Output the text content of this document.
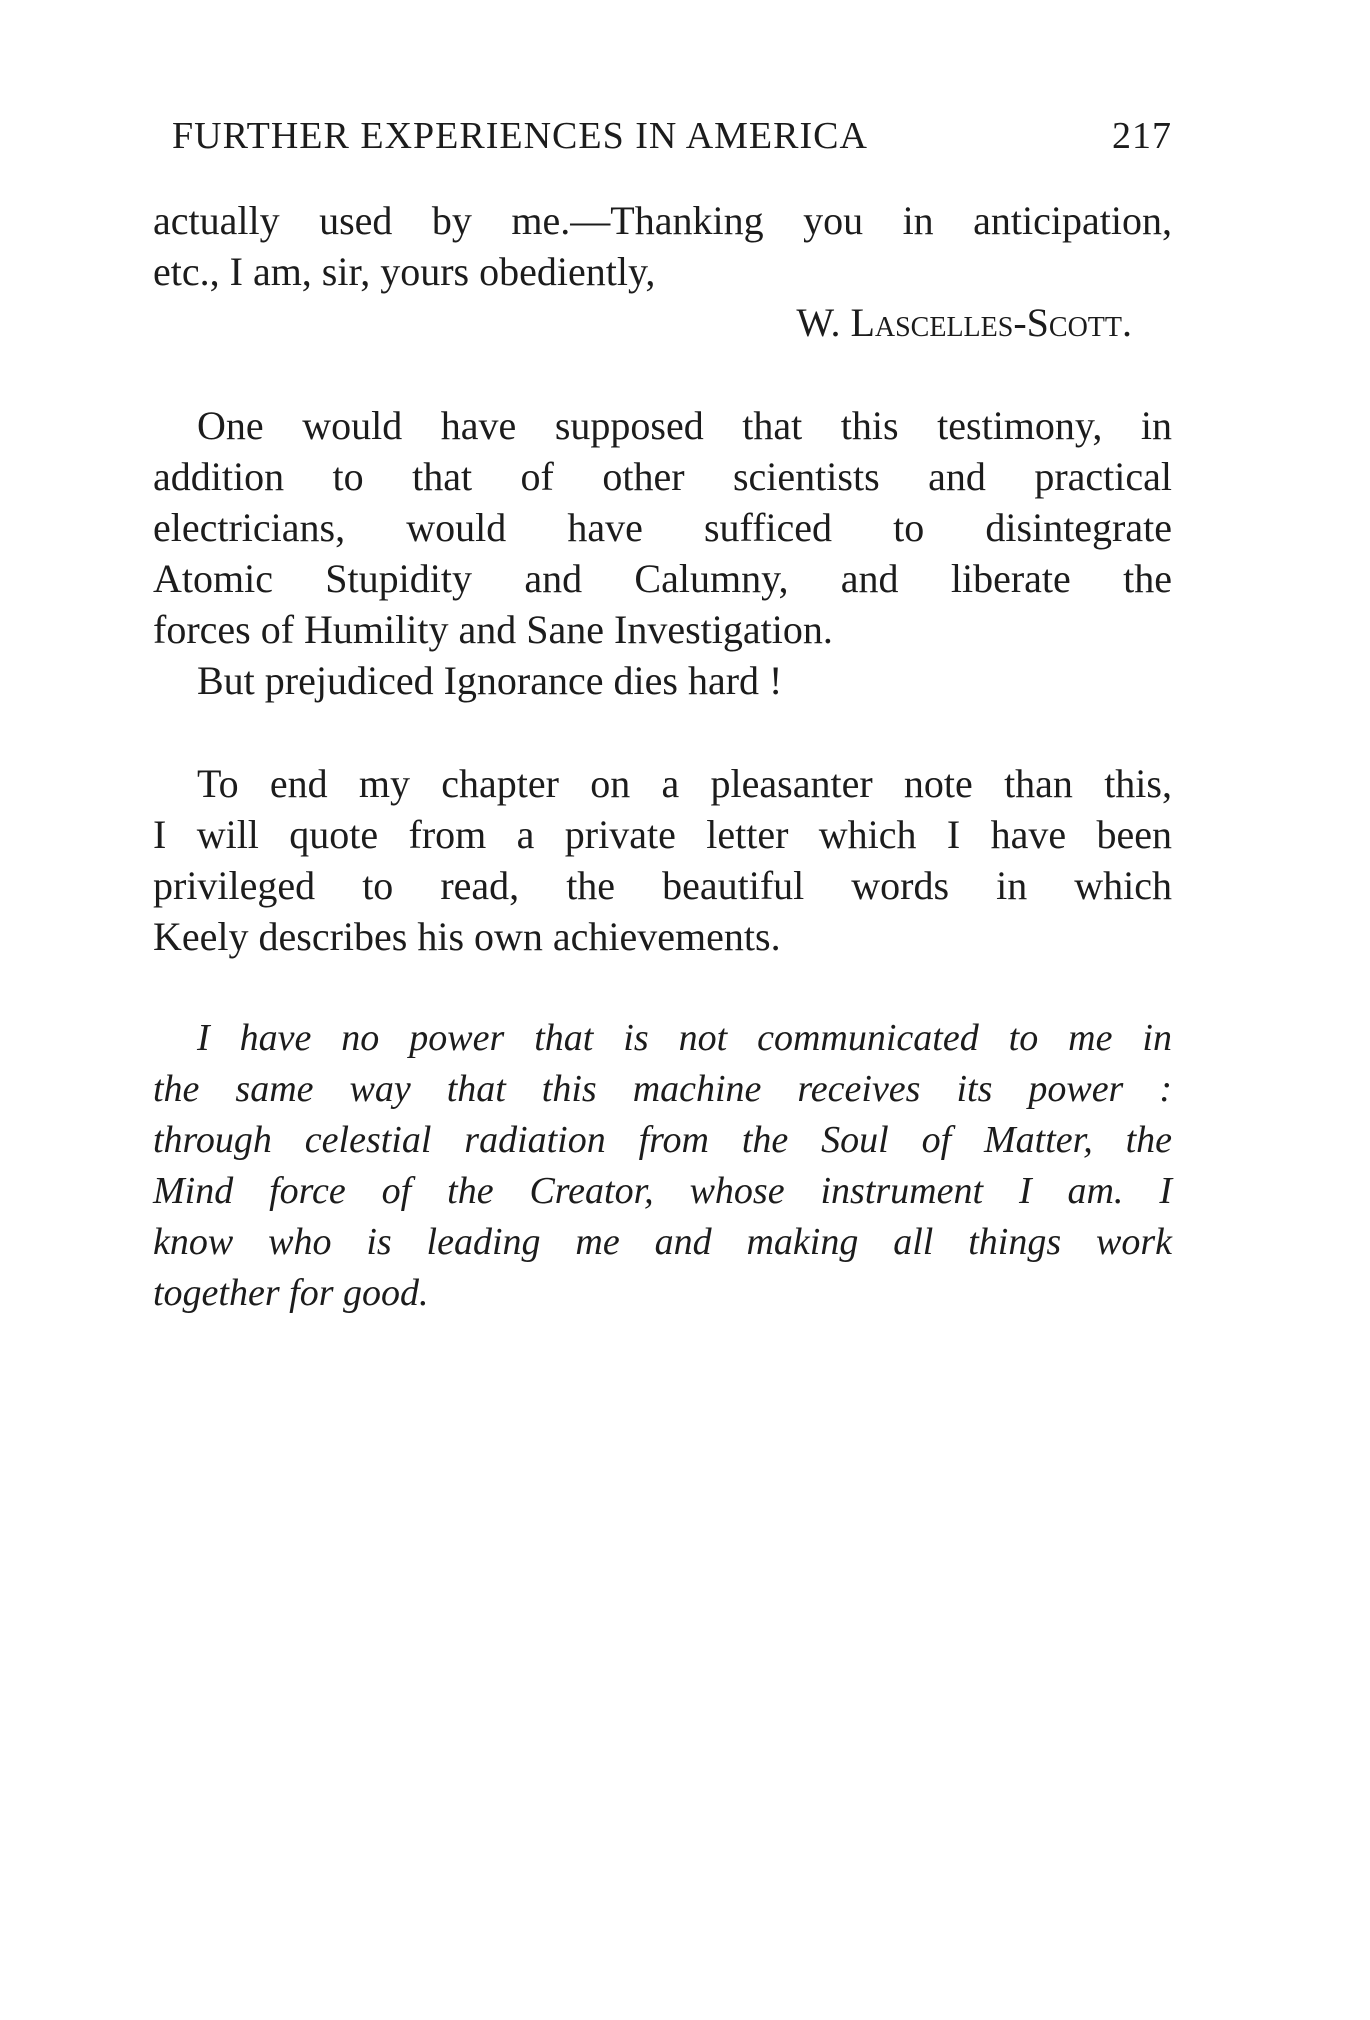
FURTHER EXPERIENCES IN AMERICA	217
actually used by me.—Thanking you in anticipation,
etc., I am, sir, yours obediently,
W. Lascelles-Scott.
One would have supposed that this testimony, in
addition to that of other scientists and practical
electricians, would have sufficed to disintegrate
Atomic Stupidity and Calumny, and liberate the
forces of Humility and Sane Investigation.
But prejudiced Ignorance dies hard !
To end my chapter on a pleasanter note than this,
I will quote from a private letter which I have been
privileged to read, the beautiful words in which
Keely describes his own achievements.
I have no power that is not communicated to me in
the same way that this machine receives its power :
through celestial radiation from the Soul of Matter, the
Mind force of the Creator, whose instrument I am. I
know who is leading me and making all things work
together for good.
